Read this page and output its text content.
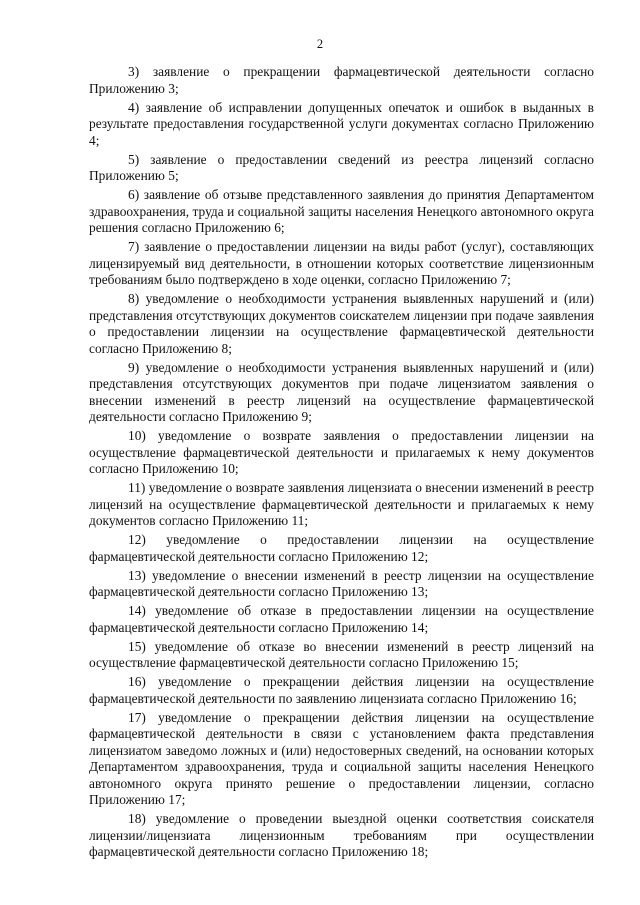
2

3) заявление о прекращении фармацевтической деятельности согласно Приложению 3;

4) заявление об исправлении допущенных опечаток и ошибок в выданных в результате предоставления государственной услуги документах согласно Приложению 4;

5) заявление о предоставлении сведений из реестра лицензий согласно Приложению 5;

6) заявление об отзыве представленного заявления до принятия Департаментом здравоохранения, труда и социальной защиты населения Ненецкого автономного округа решения согласно Приложению 6;

7) заявление о предоставлении лицензии на виды работ (услуг), составляющих лицензируемый вид деятельности, в отношении которых соответствие лицензионным требованиям было подтверждено в ходе оценки, согласно Приложению 7;

8) уведомление о необходимости устранения выявленных нарушений и (или) представления отсутствующих документов соискателем лицензии при подаче заявления о предоставлении лицензии на осуществление фармацевтической деятельности согласно Приложению 8;

9) уведомление о необходимости устранения выявленных нарушений и (или) представления отсутствующих документов при подаче лицензиатом заявления о внесении изменений в реестр лицензий на осуществление фармацевтической деятельности согласно Приложению 9;

10) уведомление о возврате заявления о предоставлении лицензии на осуществление фармацевтической деятельности и прилагаемых к нему документов согласно Приложению 10;

11) уведомление о возврате заявления лицензиата о внесении изменений в реестр лицензий на осуществление фармацевтической деятельности и прилагаемых к нему документов согласно Приложению 11;

12) уведомление о предоставлении лицензии на осуществление фармацевтической деятельности согласно Приложению 12;

13) уведомление о внесении изменений в реестр лицензии на осуществление фармацевтической деятельности согласно Приложению 13;

14) уведомление об отказе в предоставлении лицензии на осуществление фармацевтической деятельности согласно Приложению 14;

15) уведомление об отказе во внесении изменений в реестр лицензий на осуществление фармацевтической деятельности согласно Приложению 15;

16) уведомление о прекращении действия лицензии на осуществление фармацевтической деятельности по заявлению лицензиата согласно Приложению 16;

17) уведомление о прекращении действия лицензии на осуществление фармацевтической деятельности в связи с установлением факта представления лицензиатом заведомо ложных и (или) недостоверных сведений, на основании которых Департаментом здравоохранения, труда и социальной защиты населения Ненецкого автономного округа принято решение о предоставлении лицензии, согласно Приложению 17;

18) уведомление о проведении выездной оценки соответствия соискателя лицензии/лицензиата лицензионным требованиям при осуществлении фармацевтической деятельности согласно Приложению 18;
